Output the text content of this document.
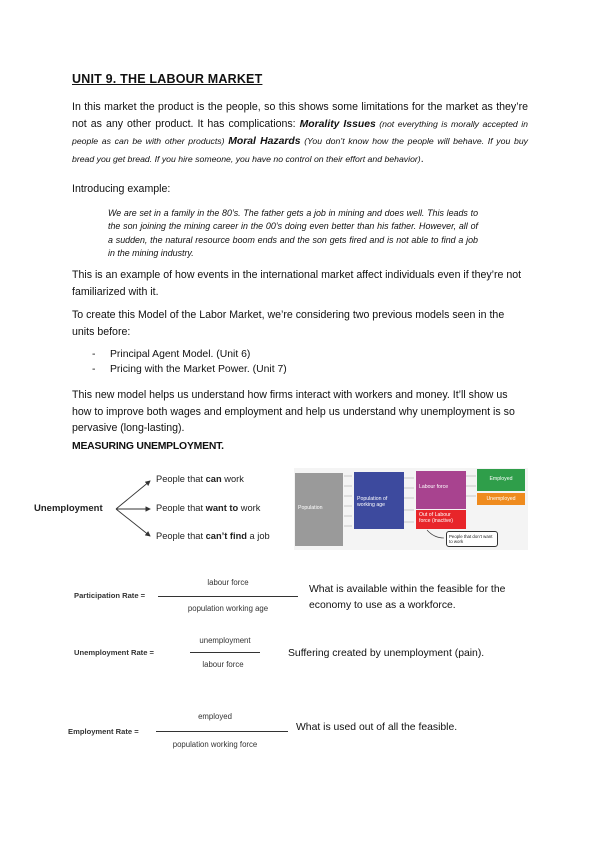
UNIT 9. THE LABOUR MARKET
In this market the product is the people, so this shows some limitations for the market as they’re not as any other product. It has complications: Morality Issues (not everything is morally accepted in people as can be with other products) Moral Hazards (You don’t know how the people will behave. If you buy bread you get bread. If you hire someone, you have no control on their effort and behavior).
Introducing example:
We are set in a family in the 80’s. The father gets a job in mining and does well. This leads to the son joining the mining career in the 00’s doing even better than his father. However, all of a sudden, the natural resource boom ends and the son gets fired and is not able to find a job in the mining industry.
This is an example of how events in the international market affect individuals even if they’re not familiarized with it.
To create this Model of the Labor Market, we’re considering two previous models seen in the units before:
- Principal Agent Model. (Unit 6)
- Pricing with the Market Power. (Unit 7)
This new model helps us understand how firms interact with workers and money. It’ll show us how to improve both wages and employment and help us understand why unemployment is so pervasive (long-lasting).
MEASURING UNEMPLOYMENT.
Unemployment
People that can work
People that want to work
People that can’t find a job
Population
Population of working age
Labour force
Out of Labour force (inactive)
Employed
Unemployed
People that don’t want to work
Participation Rate =
labour force
population working age
What is available within the feasible for the economy to use as a workforce.
Unemployment Rate =
unemployment
labour force
Suffering created by unemployment (pain).
Employment Rate =
employed
population working force
What is used out of all the feasible.
